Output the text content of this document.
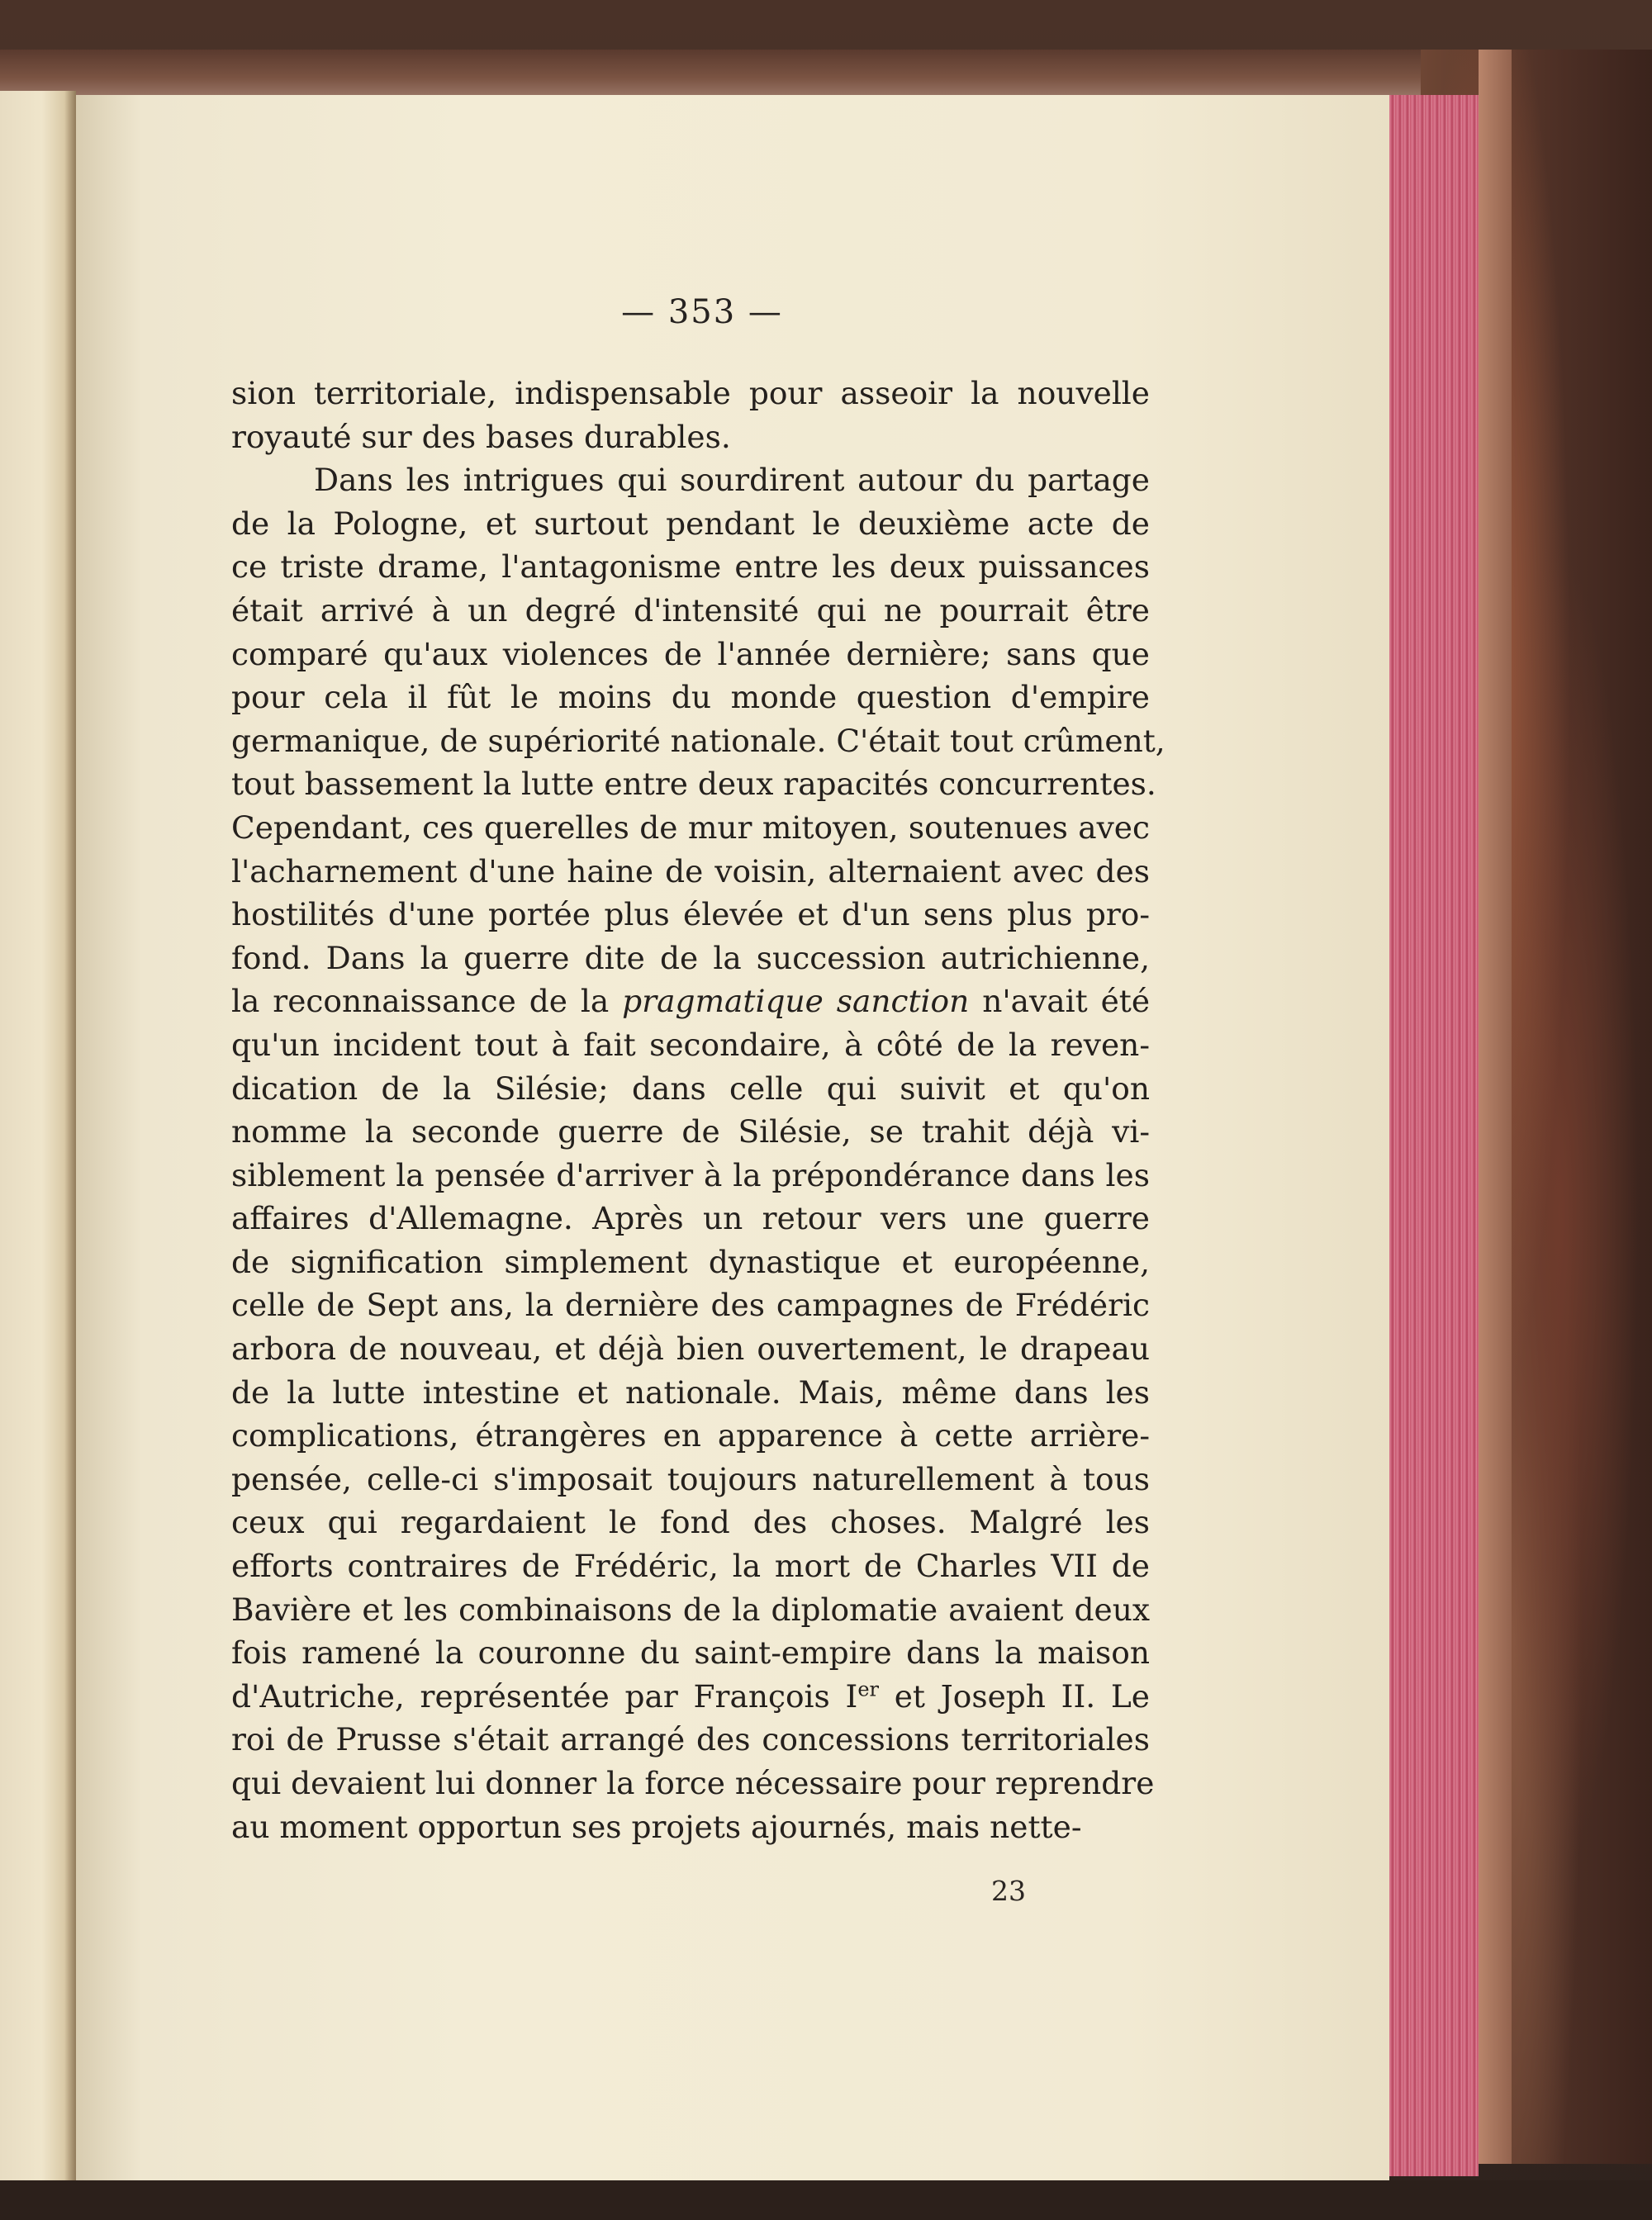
— 353 —
sion territoriale, indispensable pour asseoir la nouvelle
royauté sur des bases durables.
Dans les intrigues qui sourdirent autour du partage
de la Pologne, et surtout pendant le deuxième acte de
ce triste drame, l'antagonisme entre les deux puissances
était arrivé à un degré d'intensité qui ne pourrait être
comparé qu'aux violences de l'année dernière; sans que
pour cela il fût le moins du monde question d'empire
germanique, de supériorité nationale. C'était tout crûment,
tout bassement la lutte entre deux rapacités concurrentes.
Cependant, ces querelles de mur mitoyen, soutenues avec
l'acharnement d'une haine de voisin, alternaient avec des
hostilités d'une portée plus élevée et d'un sens plus pro-
fond. Dans la guerre dite de la succession autrichienne,
la reconnaissance de la pragmatique sanction n'avait été
qu'un incident tout à fait secondaire, à côté de la reven-
dication de la Silésie; dans celle qui suivit et qu'on
nomme la seconde guerre de Silésie, se trahit déjà vi-
siblement la pensée d'arriver à la prépondérance dans les
affaires d'Allemagne. Après un retour vers une guerre
de signification simplement dynastique et européenne,
celle de Sept ans, la dernière des campagnes de Frédéric
arbora de nouveau, et déjà bien ouvertement, le drapeau
de la lutte intestine et nationale. Mais, même dans les
complications, étrangères en apparence à cette arrière-
pensée, celle-ci s'imposait toujours naturellement à tous
ceux qui regardaient le fond des choses. Malgré les
efforts contraires de Frédéric, la mort de Charles VII de
Bavière et les combinaisons de la diplomatie avaient deux
fois ramené la couronne du saint-empire dans la maison
d'Autriche, représentée par François Ier et Joseph II. Le
roi de Prusse s'était arrangé des concessions territoriales
qui devaient lui donner la force nécessaire pour reprendre
au moment opportun ses projets ajournés, mais nette-
23
